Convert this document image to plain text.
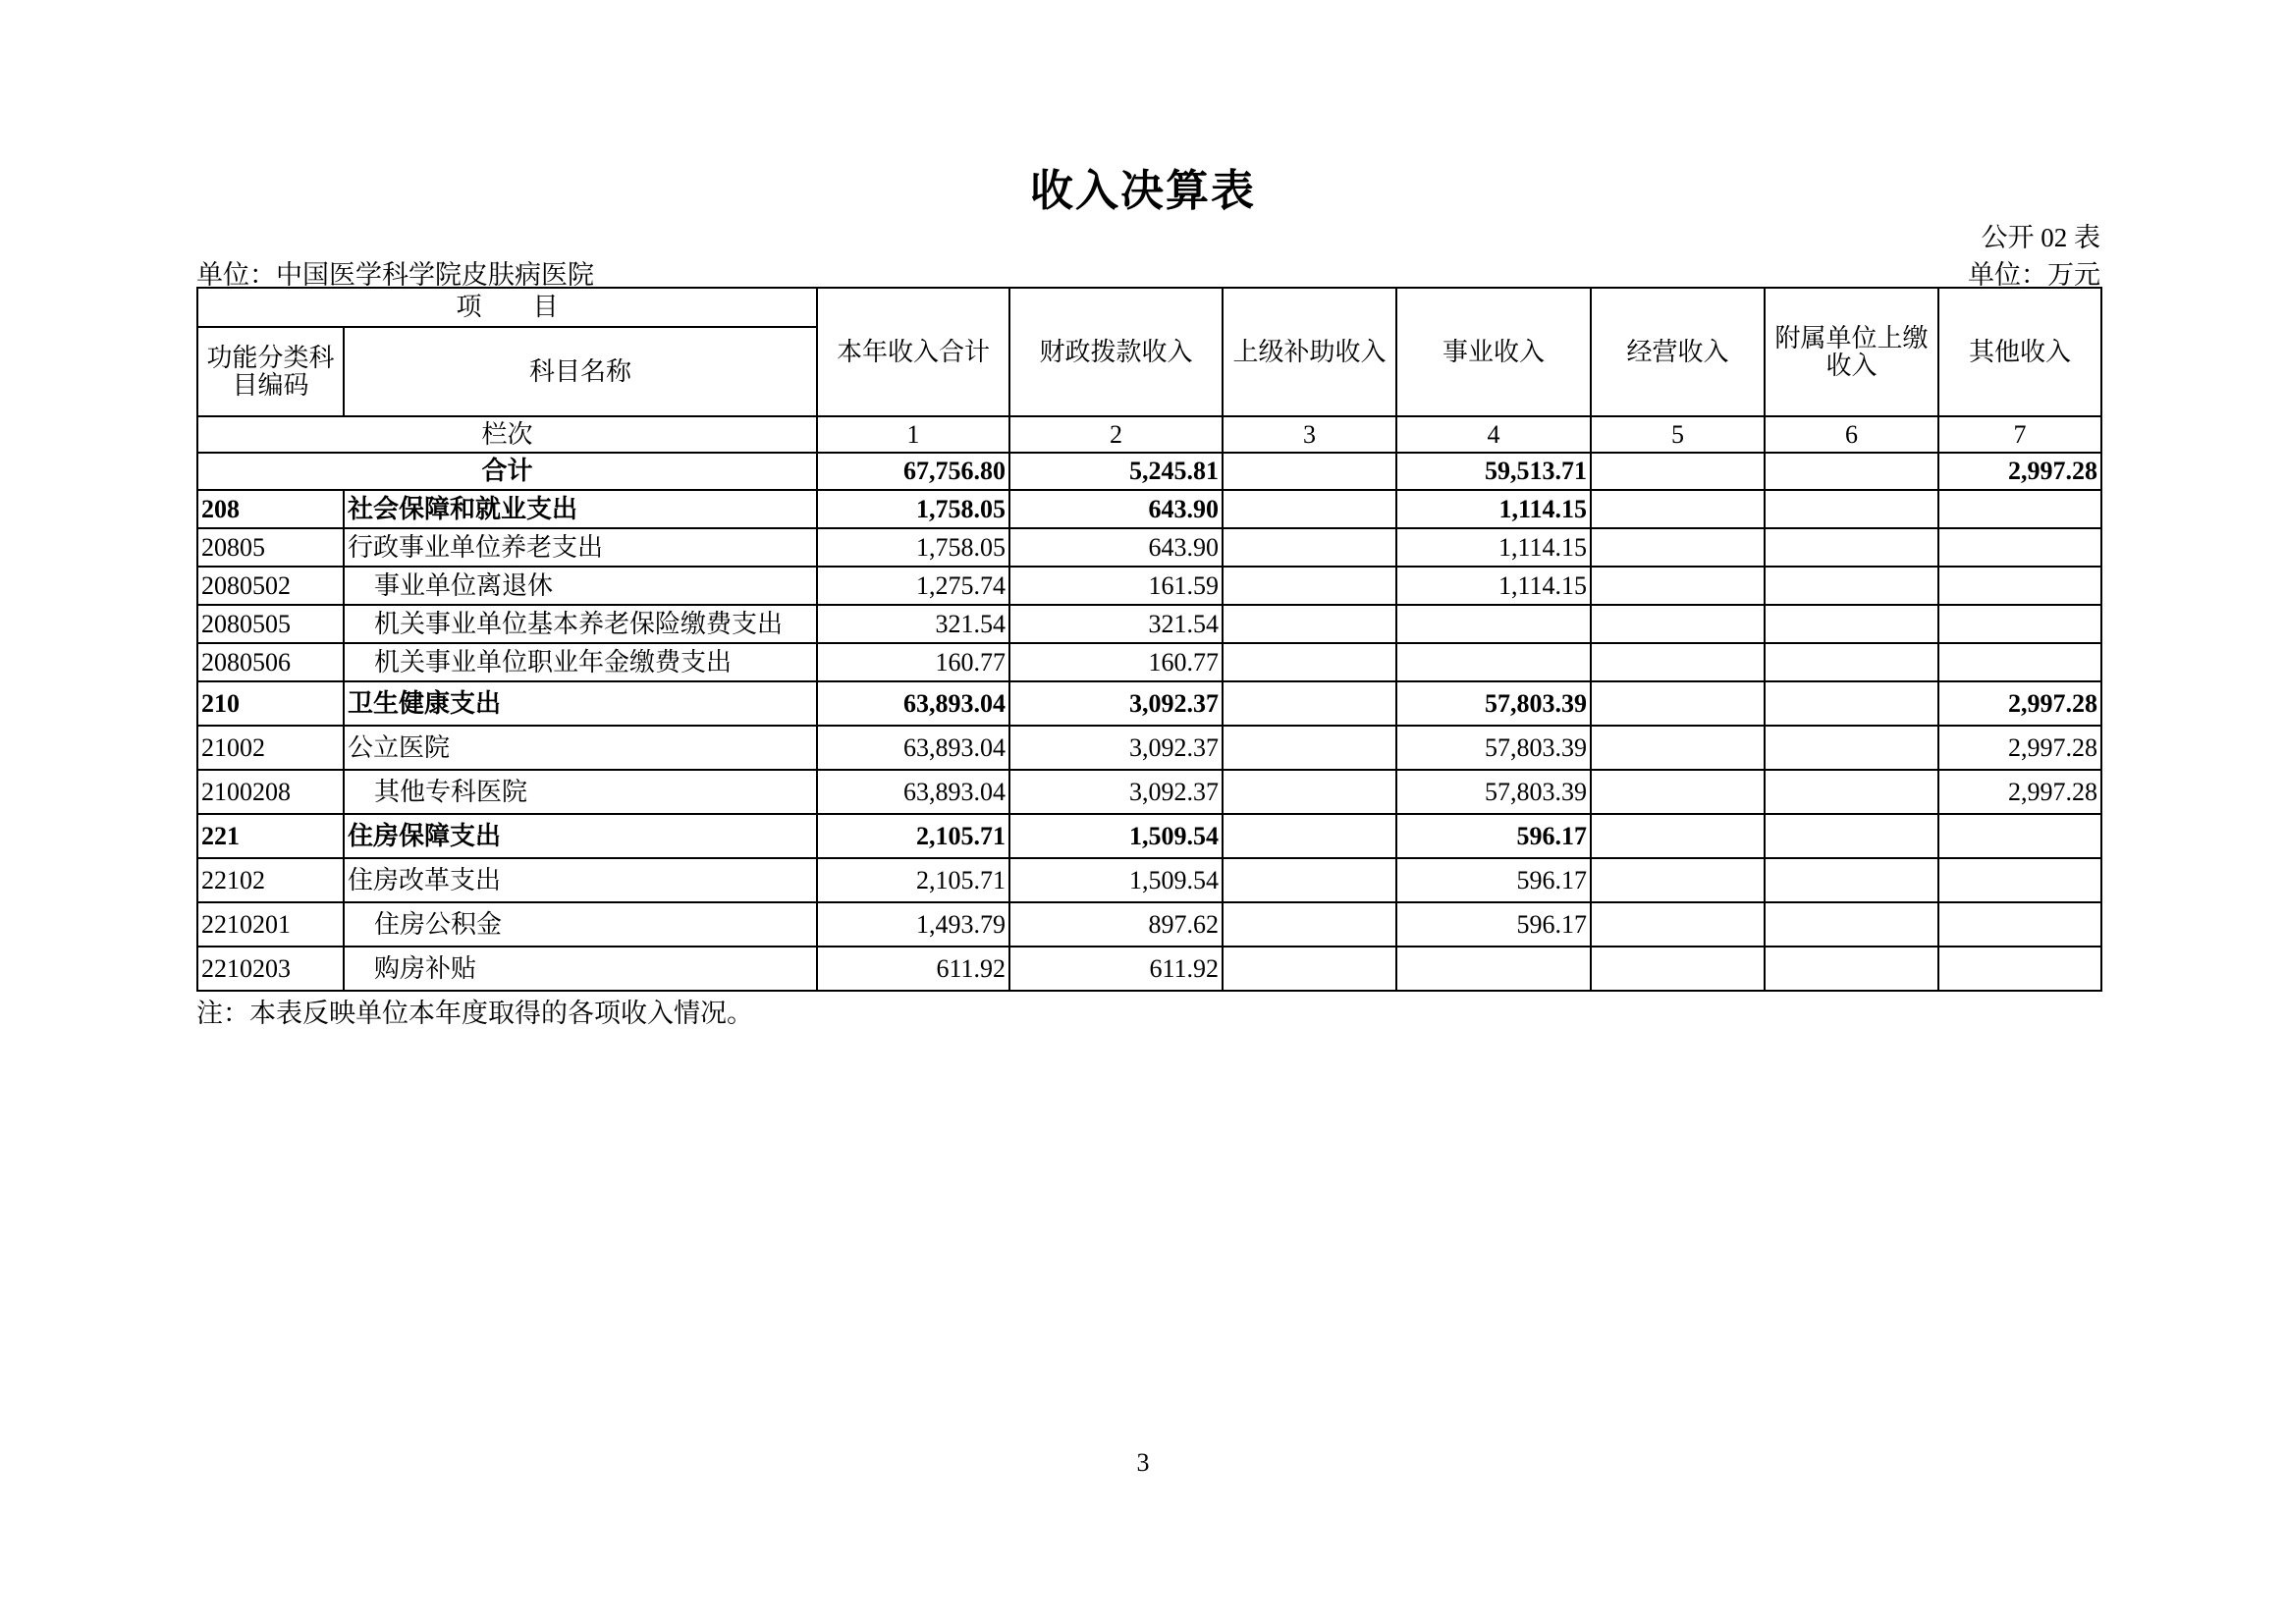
收入决算表
公开 02 表
单位：中国医学科学院皮肤病医院	单位：万元
项　　目		本年收入合计	财政拨款收入	上级补助收入	事业收入	经营收入	附属单位上缴收入	其他收入
功能分类科目编码	科目名称							
栏次		1	2	3	4	5	6	7
合计		67,756.80	5,245.81		59,513.71			2,997.28
208	社会保障和就业支出	1,758.05	643.90		1,114.15			
20805	行政事业单位养老支出	1,758.05	643.90		1,114.15			
2080502	事业单位离退休	1,275.74	161.59		1,114.15			
2080505	机关事业单位基本养老保险缴费支出	321.54	321.54					
2080506	机关事业单位职业年金缴费支出	160.77	160.77					
210	卫生健康支出	63,893.04	3,092.37		57,803.39			2,997.28
21002	公立医院	63,893.04	3,092.37		57,803.39			2,997.28
2100208	其他专科医院	63,893.04	3,092.37		57,803.39			2,997.28
221	住房保障支出	2,105.71	1,509.54		596.17			
22102	住房改革支出	2,105.71	1,509.54		596.17			
2210201	住房公积金	1,493.79	897.62		596.17			
2210203	购房补贴	611.92	611.92					
注：本表反映单位本年度取得的各项收入情况。
3
